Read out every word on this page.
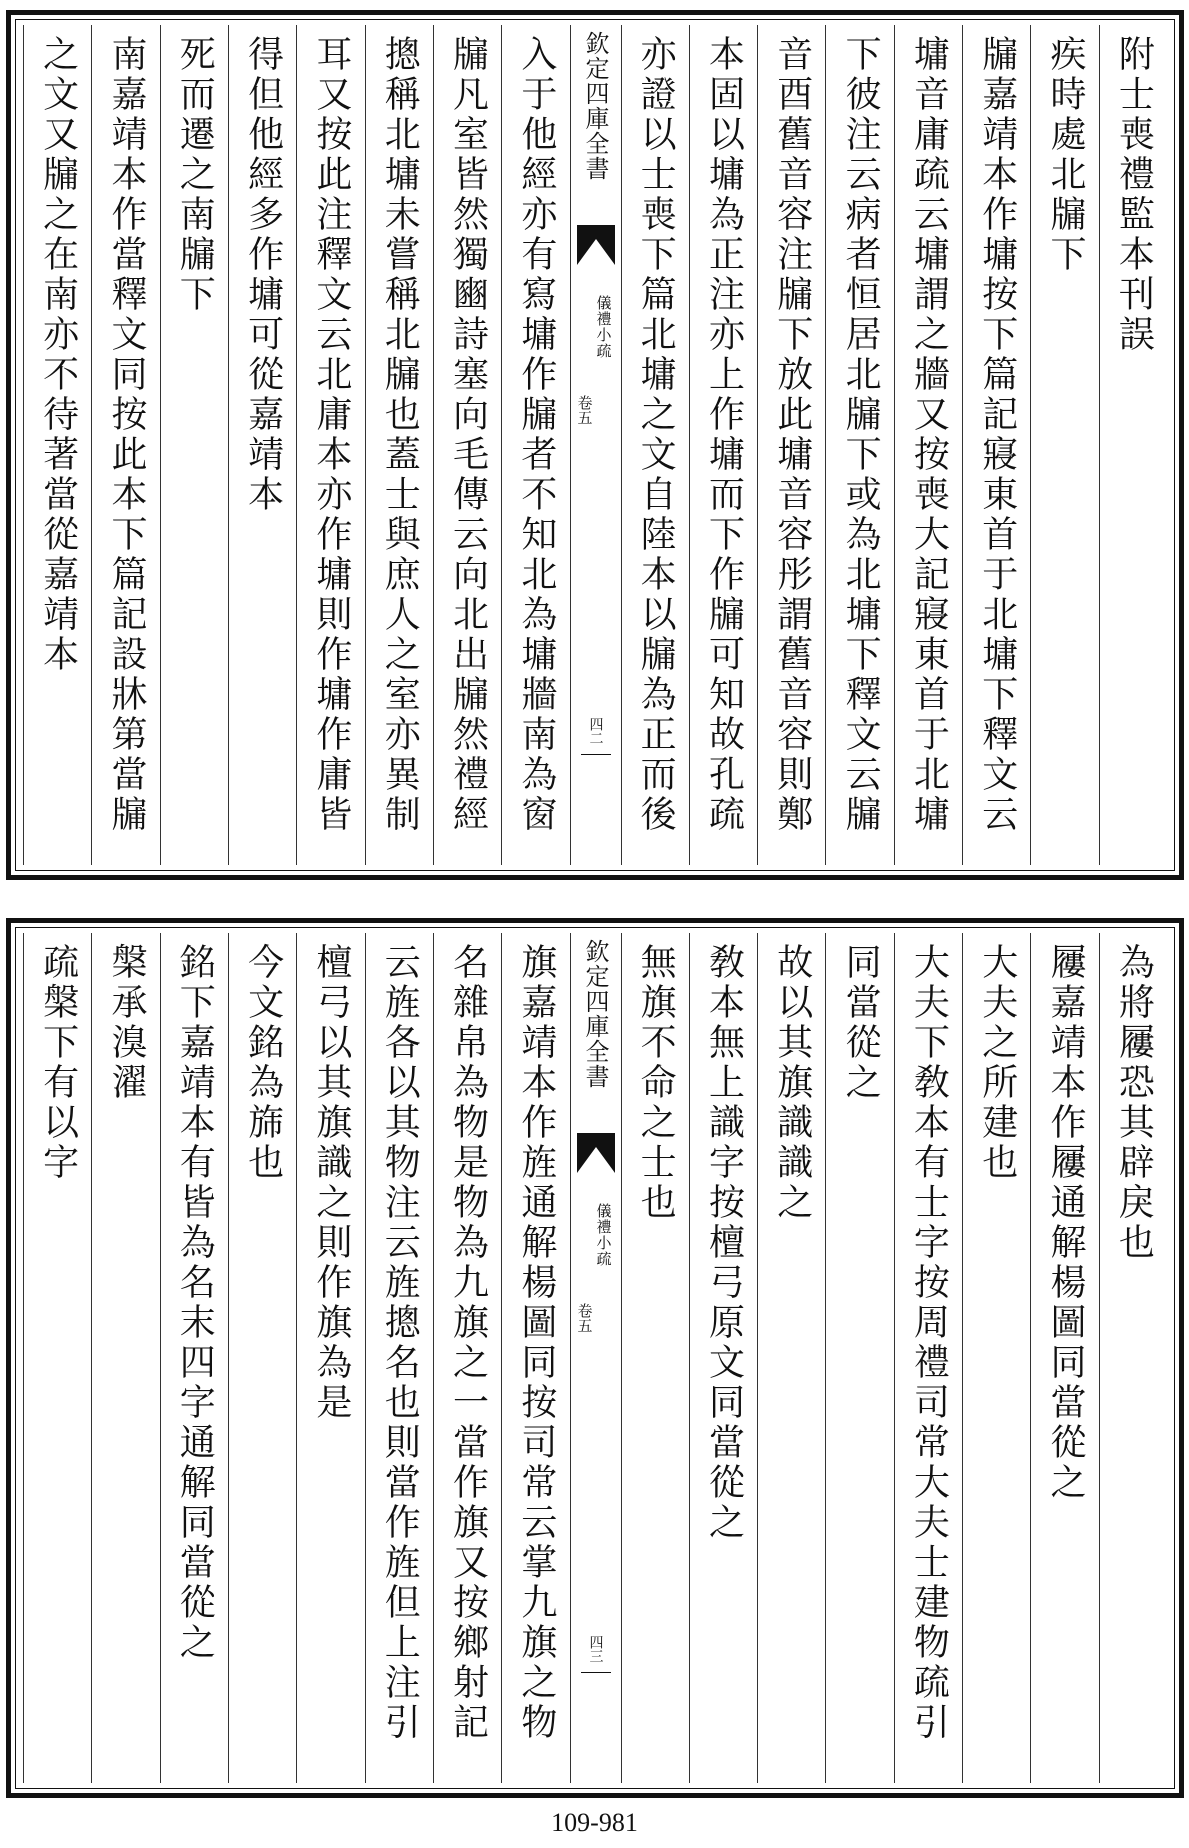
附士喪禮監本刊誤
疾時處北牖下
牖嘉靖本作墉按下篇記寢東首于北墉下釋文云
墉音庸疏云墉謂之牆又按喪大記寢東首于北墉
下彼注云病者恒居北牖下或為北墉下釋文云牖
音酉舊音容注牖下放此墉音容彤謂舊音容則鄭
本固以墉為正注亦上作墉而下作牖可知故孔疏
亦證以士喪下篇北墉之文自陸本以牖為正而後
欽定四庫全書
儀禮小疏
卷五
四二
入于他經亦有寫墉作牖者不知北為墉牆南為窗
牖凡室皆然獨豳詩塞向毛傳云向北出牖然禮經
摠稱北墉未嘗稱北牖也蓋士與庶人之室亦異制
耳又按此注釋文云北庸本亦作墉則作墉作庸皆
得但他經多作墉可從嘉靖本
死而遷之南牖下
南嘉靖本作當釋文同按此本下篇記設牀第當牖
之文又牖之在南亦不待著當從嘉靖本
為將屨恐其辟戾也
屨嘉靖本作屨通解楊圖同當從之
大夫之所建也
大夫下敎本有士字按周禮司常大夫士建物疏引
同當從之
故以其旗識識之
敎本無上識字按檀弓原文同當從之
無旗不命之士也
欽定四庫全書
儀禮小疏
卷五
四三
旗嘉靖本作旌通解楊圖同按司常云掌九旗之物
名雜帛為物是物為九旗之一當作旗又按鄉射記
云旌各以其物注云旌摠名也則當作旌但上注引
檀弓以其旗識之則作旗為是
今文銘為旆也
銘下嘉靖本有皆為名末四字通解同當從之
槃承溴濯
疏槃下有以字
109-981
